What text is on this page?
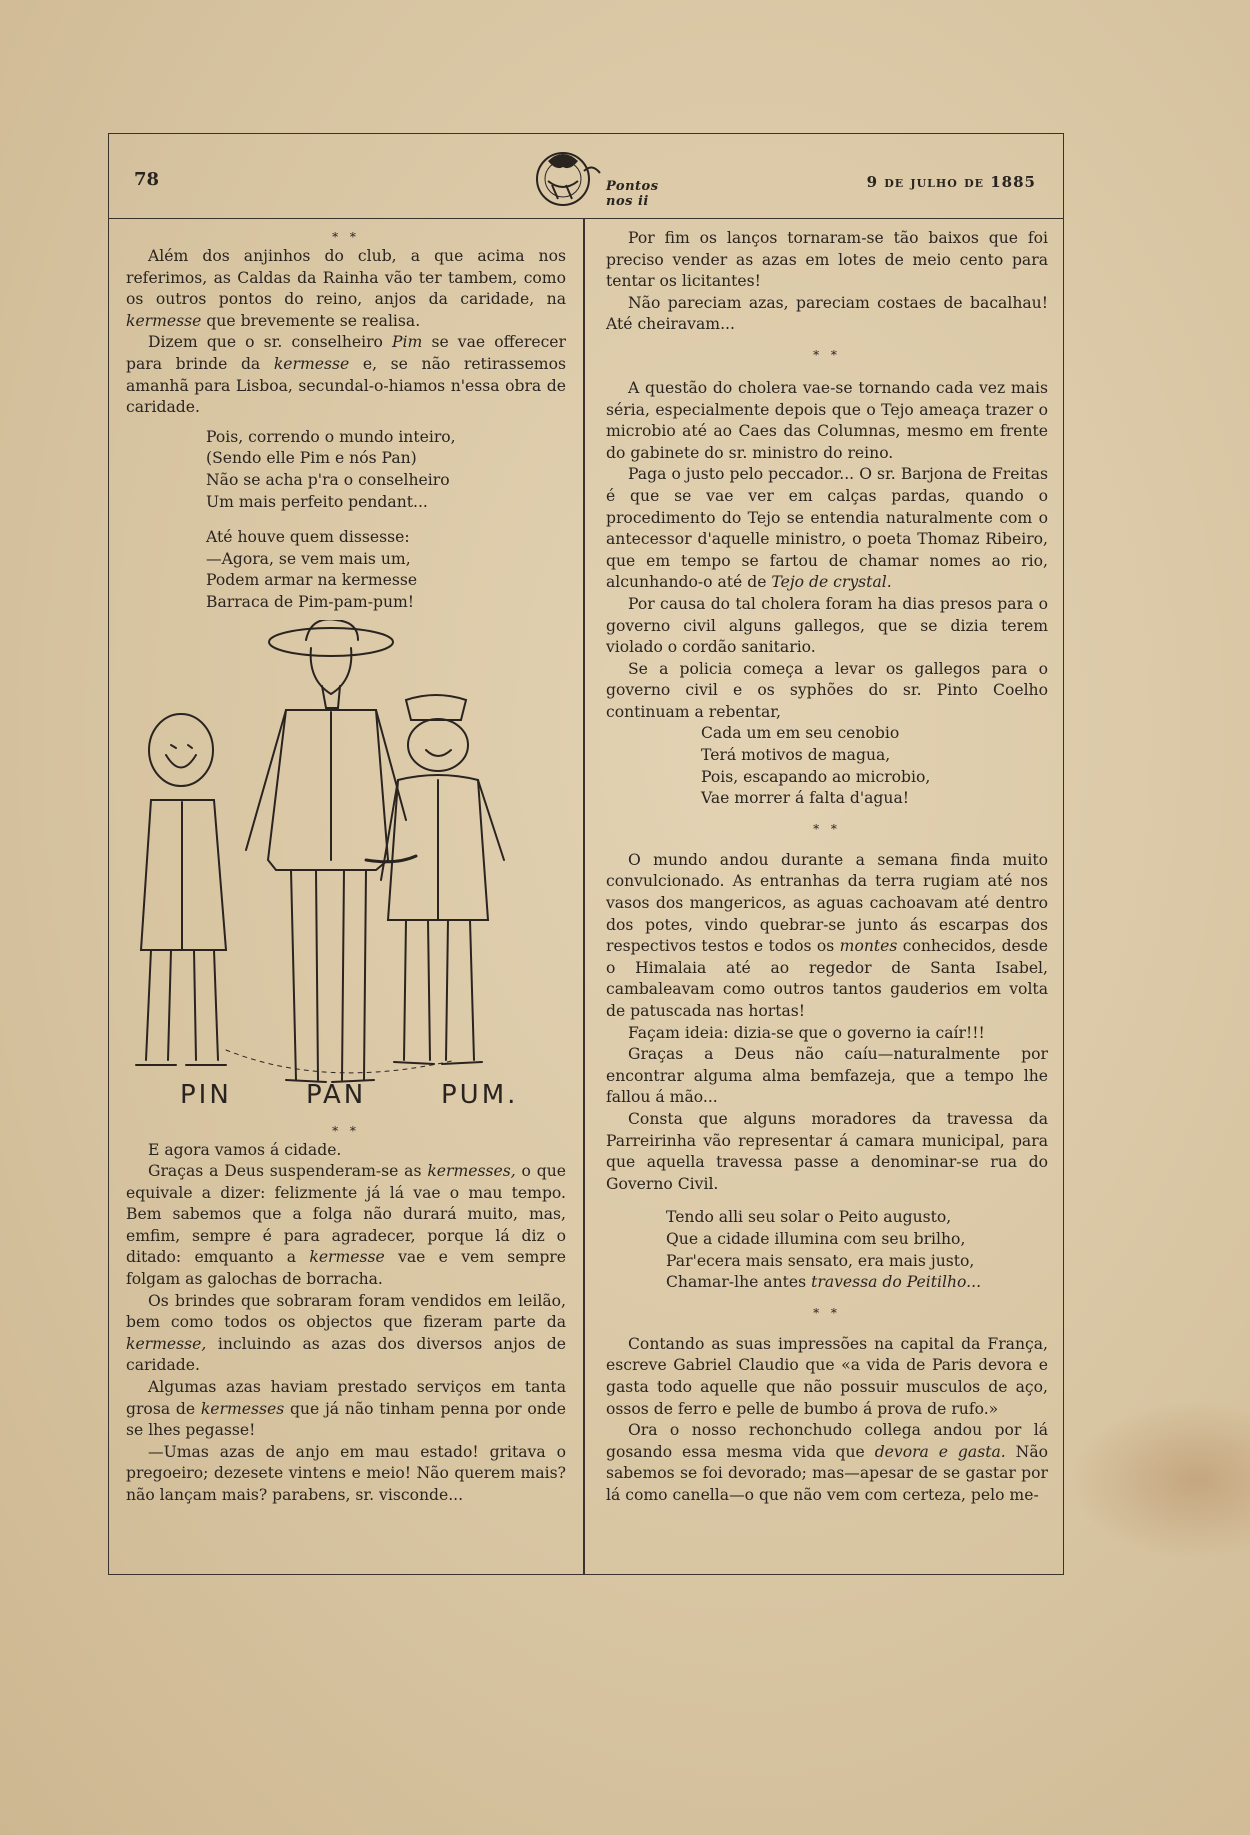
78	Pontos nos ii
9 de julho de 1885
* *

Além dos anjinhos do club, a que acima nos referimos, as Caldas da Rainha vão ter tambem, como os outros pontos do reino, anjos da caridade, na kermesse que brevemente se realisa.

Dizem que o sr. conselheiro Pim se vae offerecer para brinde da kermesse e, se não retirassemos amanhã para Lisboa, secundal-o-hiamos n'essa obra de caridade.

Pois, correndo o mundo inteiro,
(Sendo elle Pim e nós Pan)
Não se acha p'ra o conselheiro
Um mais perfeito pendant...
Até houve quem dissesse:
—Agora, se vem mais um,
Podem armar na kermesse
Barraca de Pim-pam-pum!
PIN	PAN	PUM.
* *

E agora vamos á cidade.

Graças a Deus suspenderam-se as kermesses, o que equivale a dizer: felizmente já lá vae o mau tempo. Bem sabemos que a folga não durará muito, mas, emfim, sempre é para agradecer, porque lá diz o ditado: emquanto a kermesse vae e vem sempre folgam as galochas de borracha.

Os brindes que sobraram foram vendidos em leilão, bem como todos os objectos que fizeram parte da kermesse, incluindo as azas dos diversos anjos de caridade.

Algumas azas haviam prestado serviços em tanta grosa de kermesses que já não tinham penna por onde se lhes pegasse!

—Umas azas de anjo em mau estado! gritava o pregoeiro; dezesete vintens e meio! Não querem mais? não lançam mais? parabens, sr. visconde...

Por fim os lanços tornaram-se tão baixos que foi preciso vender as azas em lotes de meio cento para tentar os licitantes!

Não pareciam azas, pareciam costaes de bacalhau! Até cheiravam...

* *

A questão do cholera vae-se tornando cada vez mais séria, especialmente depois que o Tejo ameaça trazer o microbio até ao Caes das Columnas, mesmo em frente do gabinete do sr. ministro do reino.

Paga o justo pelo peccador... O sr. Barjona de Freitas é que se vae ver em calças pardas, quando o procedimento do Tejo se entendia naturalmente com o antecessor d'aquelle ministro, o poeta Thomaz Ribeiro, que em tempo se fartou de chamar nomes ao rio, alcunhando-o até de Tejo de crystal.

Por causa do tal cholera foram ha dias presos para o governo civil alguns gallegos, que se dizia terem violado o cordão sanitario.

Se a policia começa a levar os gallegos para o governo civil e os syphões do sr. Pinto Coelho continuam a rebentar,

Cada um em seu cenobio
Terá motivos de magua,
Pois, escapando ao microbio,
Vae morrer á falta d'agua!
* *

O mundo andou durante a semana finda muito convulcionado. As entranhas da terra rugiam até nos vasos dos mangericos, as aguas cachoavam até dentro dos potes, vindo quebrar-se junto ás escarpas dos respectivos testos e todos os montes conhecidos, desde o Himalaia até ao regedor de Santa Isabel, cambaleavam como outros tantos gauderios em volta de patuscada nas hortas!

Façam ideia: dizia-se que o governo ia caír!!!

Graças a Deus não caíu—naturalmente por encontrar alguma alma bemfazeja, que a tempo lhe fallou á mão...

Consta que alguns moradores da travessa da Parreirinha vão representar á camara municipal, para que aquella travessa passe a denominar-se rua do Governo Civil.

Tendo alli seu solar o Peito augusto,
Que a cidade illumina com seu brilho,
Par'ecera mais sensato, era mais justo,
Chamar-lhe antes travessa do Peitilho...
* *

Contando as suas impressões na capital da França, escreve Gabriel Claudio que «a vida de Paris devora e gasta todo aquelle que não possuir musculos de aço, ossos de ferro e pelle de bumbo á prova de rufo.»

Ora o nosso rechonchudo collega andou por lá gosando essa mesma vida que devora e gasta. Não sabemos se foi devorado; mas—apesar de se gastar por lá como canella—o que não vem com certeza, pelo me-
